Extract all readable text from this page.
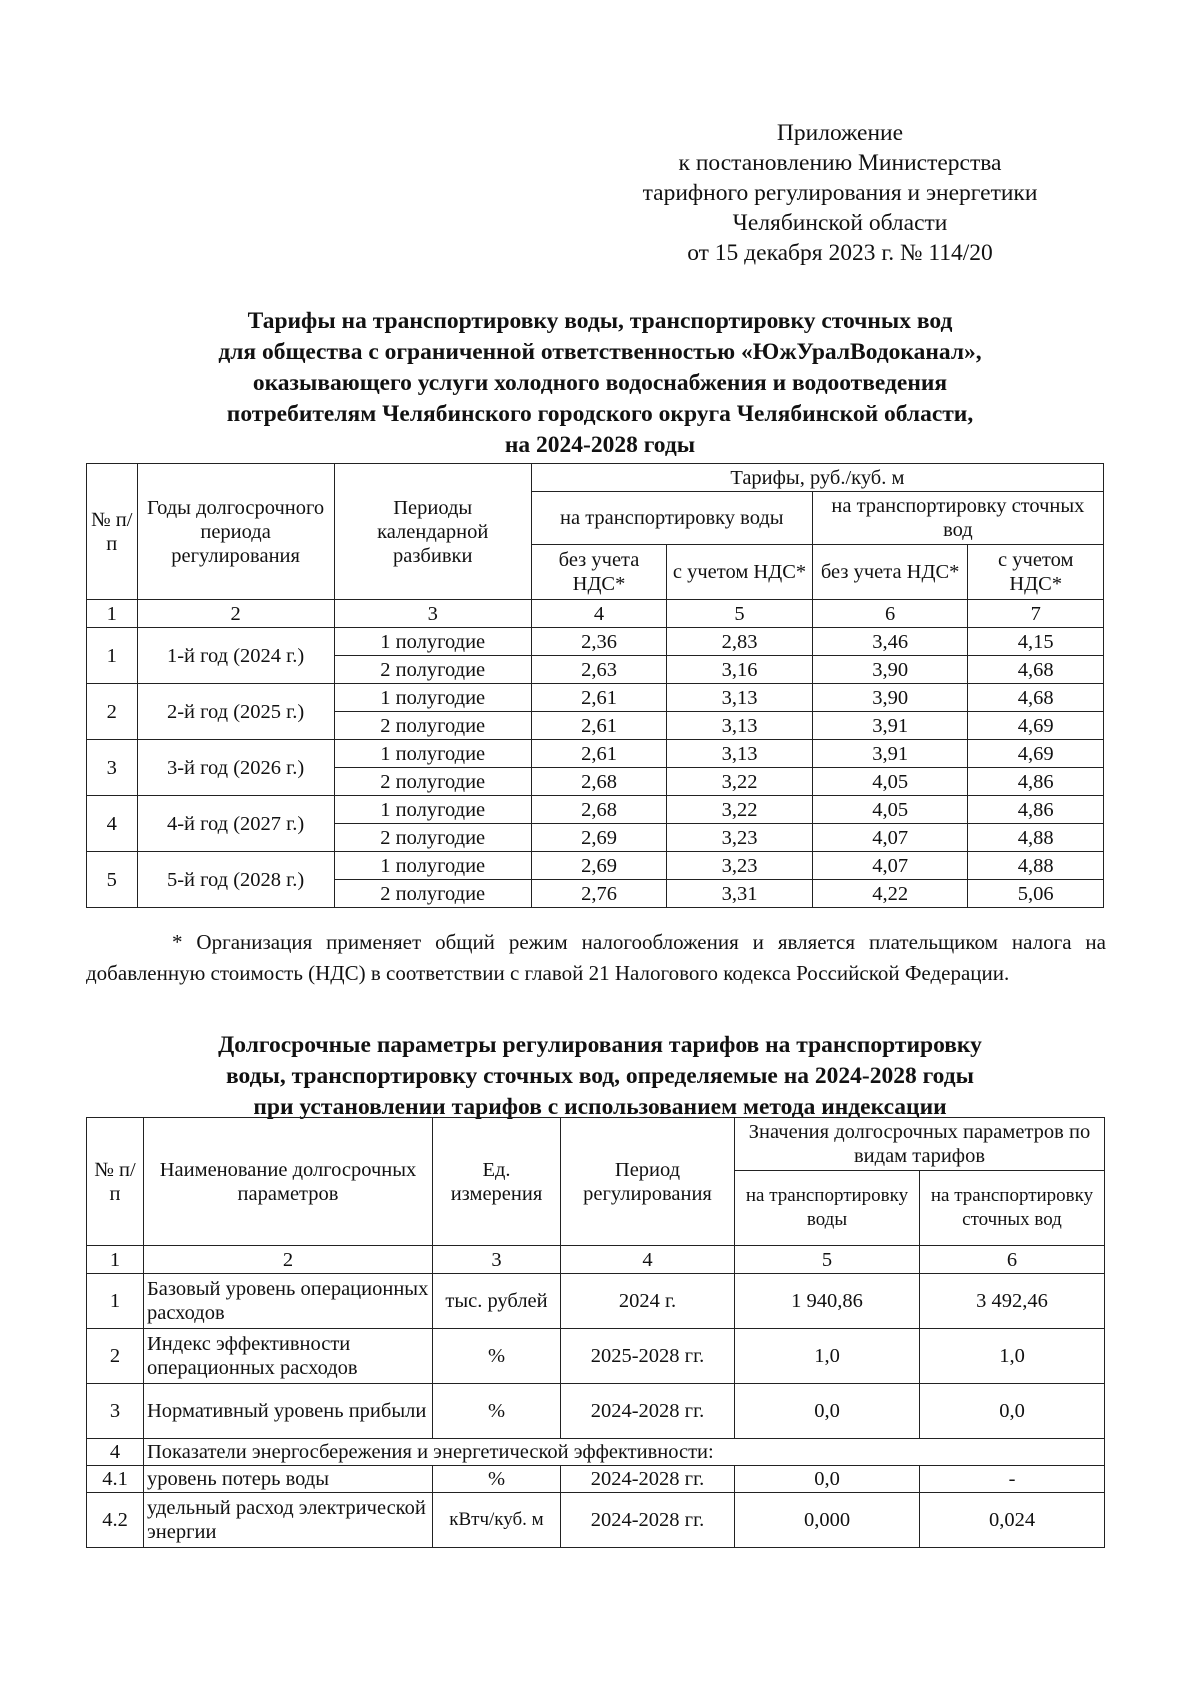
Приложение
к постановлению Министерства
тарифного регулирования и энергетики
Челябинской области
от 15 декабря 2023 г. № 114/20
Тарифы на транспортировку воды, транспортировку сточных вод
для общества с ограниченной ответственностью «ЮжУралВодоканал»,
оказывающего услуги холодного водоснабжения и водоотведения
потребителям Челябинского городского округа Челябинской области,
на 2024-2028 годы
№ п/п	Годы долгосрочного периода регулирования	Периоды календарной разбивки	Тарифы, руб./куб. м			
			на транспортировку воды		на транспортировку сточных вод	
			без учета НДС*	с учетом НДС*	без учета НДС*	с учетом НДС*
1	2	3	4	5	6	7
1	1-й год (2024 г.)	1 полугодие	2,36	2,83	3,46	4,15
		2 полугодие	2,63	3,16	3,90	4,68
2	2-й год (2025 г.)	1 полугодие	2,61	3,13	3,90	4,68
		2 полугодие	2,61	3,13	3,91	4,69
3	3-й год (2026 г.)	1 полугодие	2,61	3,13	3,91	4,69
		2 полугодие	2,68	3,22	4,05	4,86
4	4-й год (2027 г.)	1 полугодие	2,68	3,22	4,05	4,86
		2 полугодие	2,69	3,23	4,07	4,88
5	5-й год (2028 г.)	1 полугодие	2,69	3,23	4,07	4,88
		2 полугодие	2,76	3,31	4,22	5,06

* Организация применяет общий режим налогообложения и является плательщиком налога на добавленную стоимость (НДС) в соответствии с главой 21 Налогового кодекса Российской Федерации.

Долгосрочные параметры регулирования тарифов на транспортировку
воды, транспортировку сточных вод, определяемые на 2024-2028 годы
при установлении тарифов с использованием метода индексации
№ п/п	Наименование долгосрочных параметров	Ед. измерения	Период регулирования	Значения долгосрочных параметров по видам тарифов	
				на транспортировку воды	на транспортировку сточных вод
1	2	3	4	5	6
1	Базовый уровень операционных расходов	тыс. рублей	2024 г.	1 940,86	3 492,46
2	Индекс эффективности операционных расходов	%	2025-2028 гг.	1,0	1,0
3	Нормативный уровень прибыли	%	2024-2028 гг.	0,0	0,0
4	Показатели энергосбережения и энергетической эффективности:				
4.1	уровень потерь воды	%	2024-2028 гг.	0,0	-
4.2	удельный расход электрической энергии	кВтч/куб. м	2024-2028 гг.	0,000	0,024
